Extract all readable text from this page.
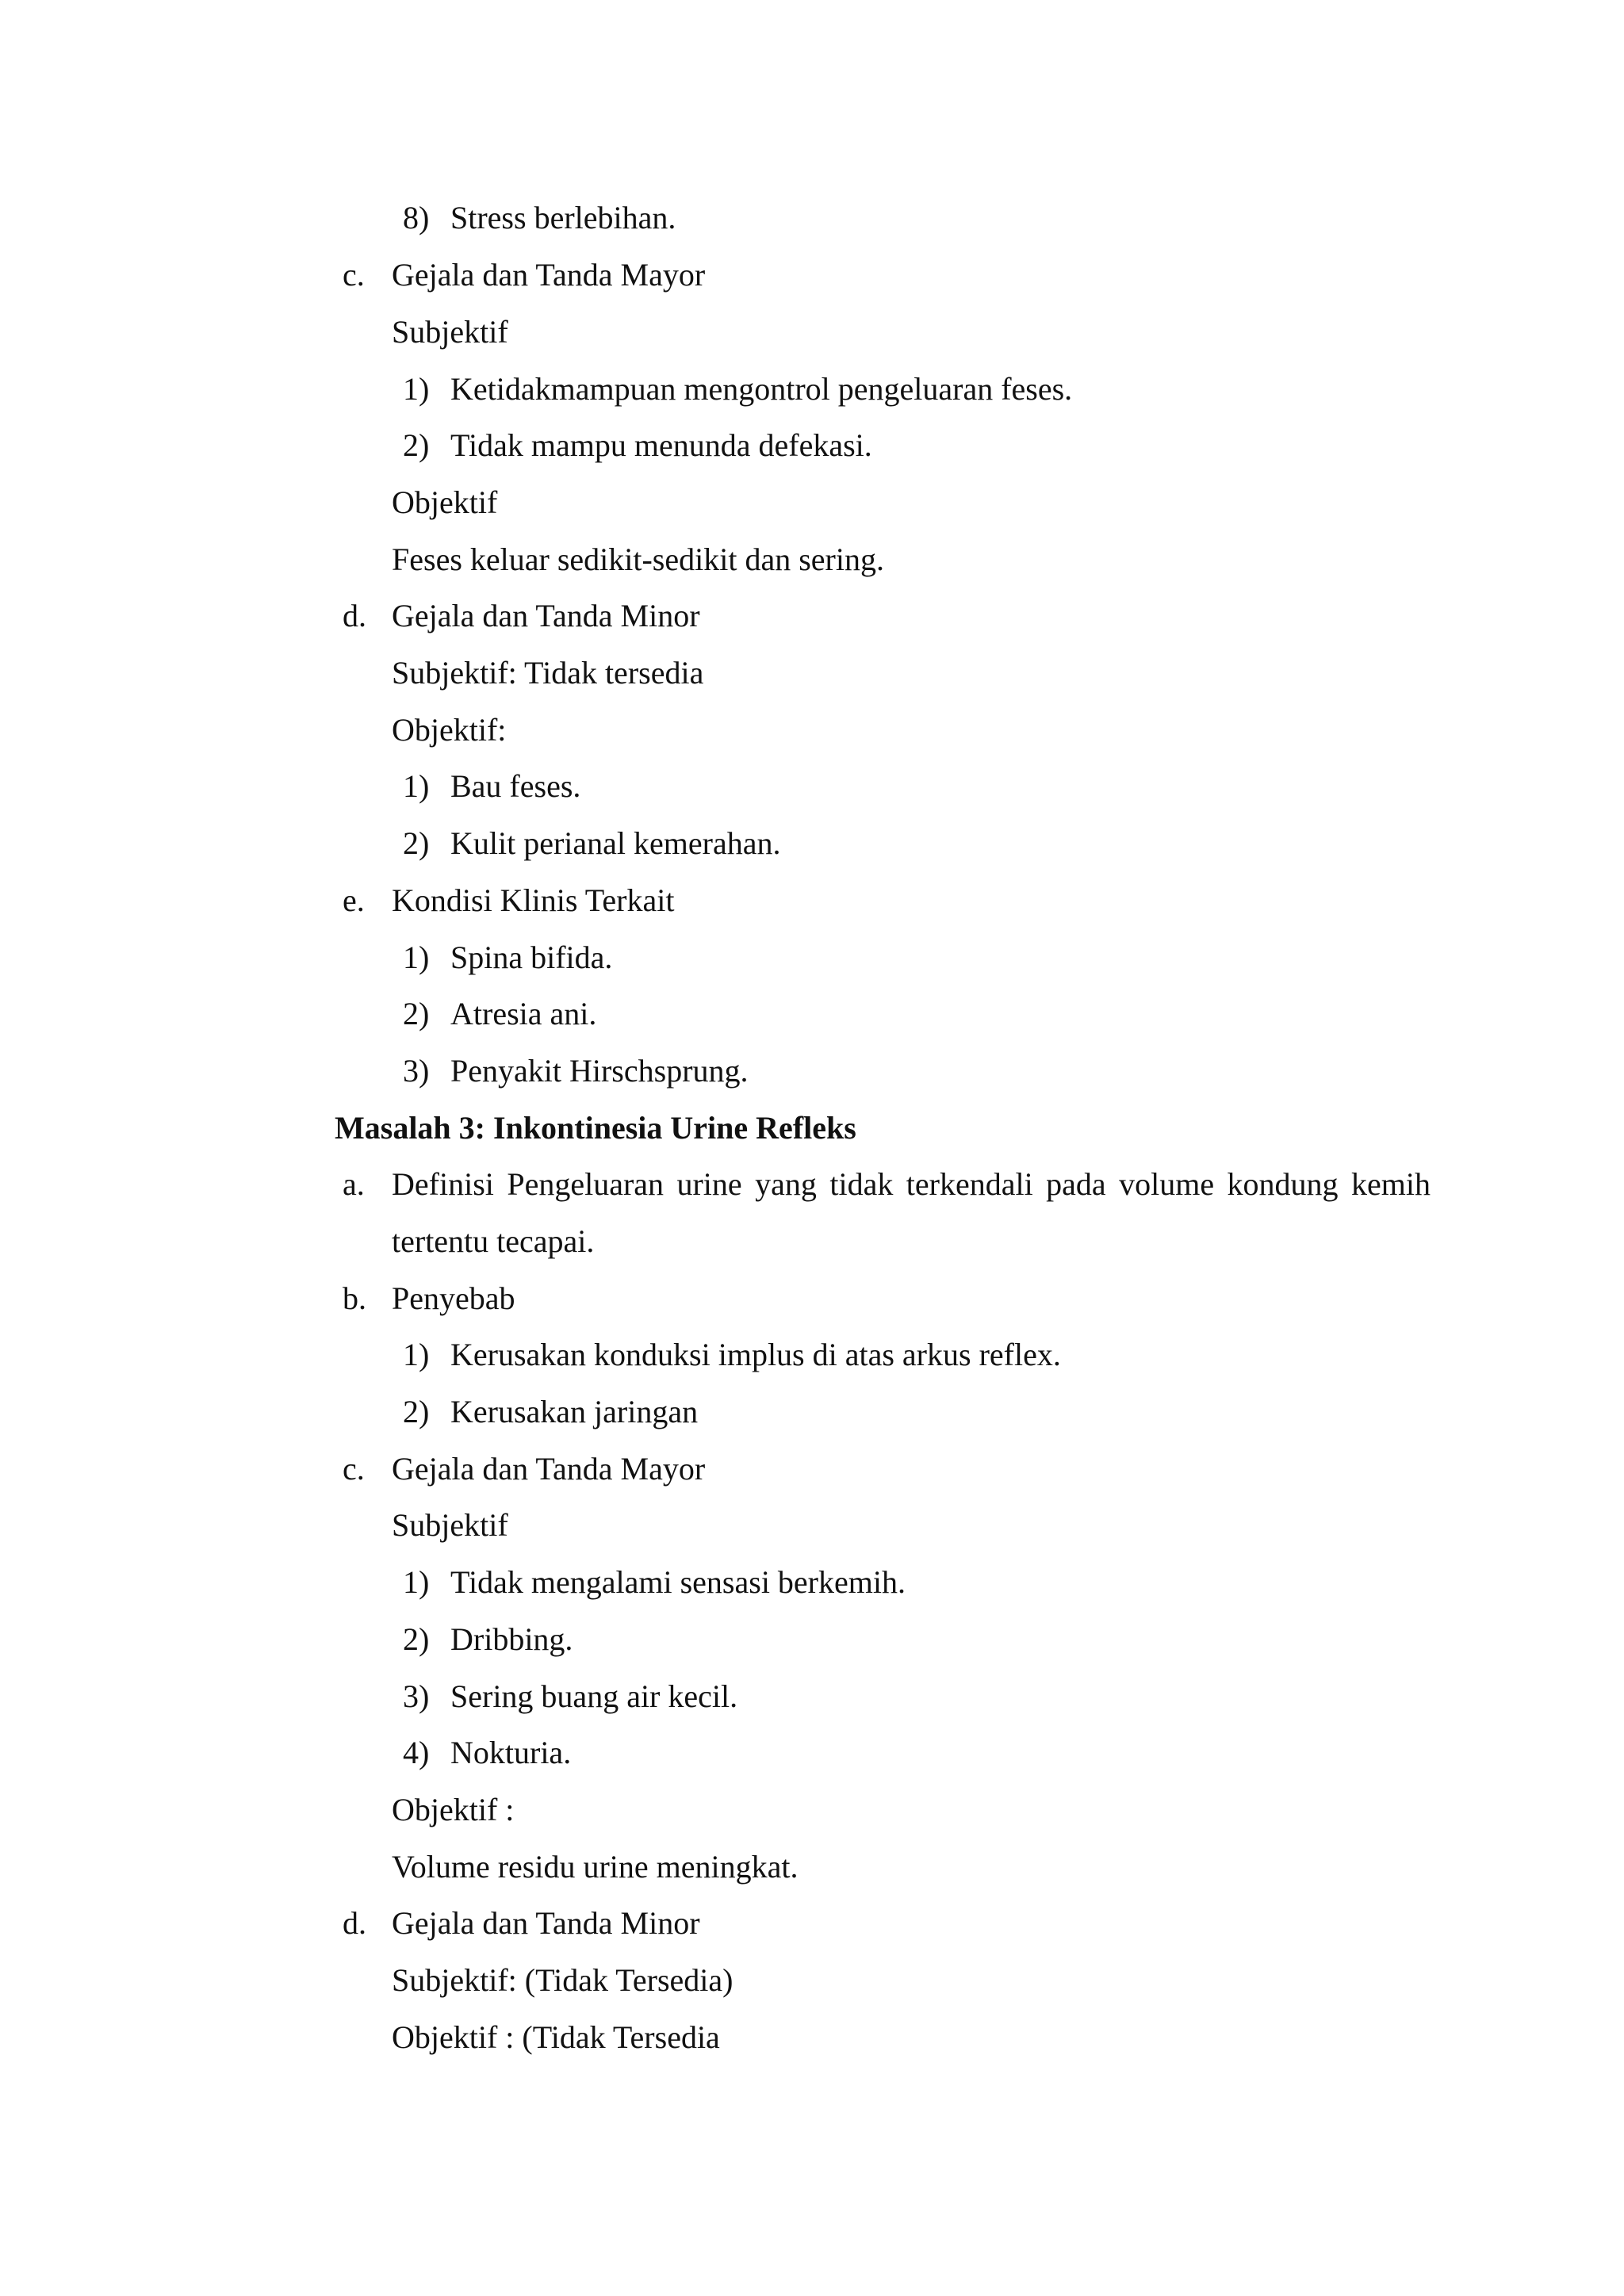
8) Stress berlebihan.
c. Gejala dan Tanda Mayor
Subjektif
1) Ketidakmampuan mengontrol pengeluaran feses.
2) Tidak mampu menunda defekasi.
Objektif
Feses keluar sedikit-sedikit dan sering.
d. Gejala dan Tanda Minor
Subjektif: Tidak tersedia
Objektif:
1) Bau feses.
2) Kulit perianal kemerahan.
e. Kondisi Klinis Terkait
1) Spina bifida.
2) Atresia ani.
3) Penyakit Hirschsprung.
Masalah 3: Inkontinesia Urine Refleks
a. Definisi Pengeluaran urine yang tidak terkendali pada volume kondung kemih
tertentu tecapai.
b. Penyebab
1) Kerusakan konduksi implus di atas arkus reflex.
2) Kerusakan jaringan
c. Gejala dan Tanda Mayor
Subjektif
1) Tidak mengalami sensasi berkemih.
2) Dribbing.
3) Sering buang air kecil.
4) Nokturia.
Objektif :
Volume residu urine meningkat.
d. Gejala dan Tanda Minor
Subjektif: (Tidak Tersedia)
Objektif : (Tidak Tersedia
